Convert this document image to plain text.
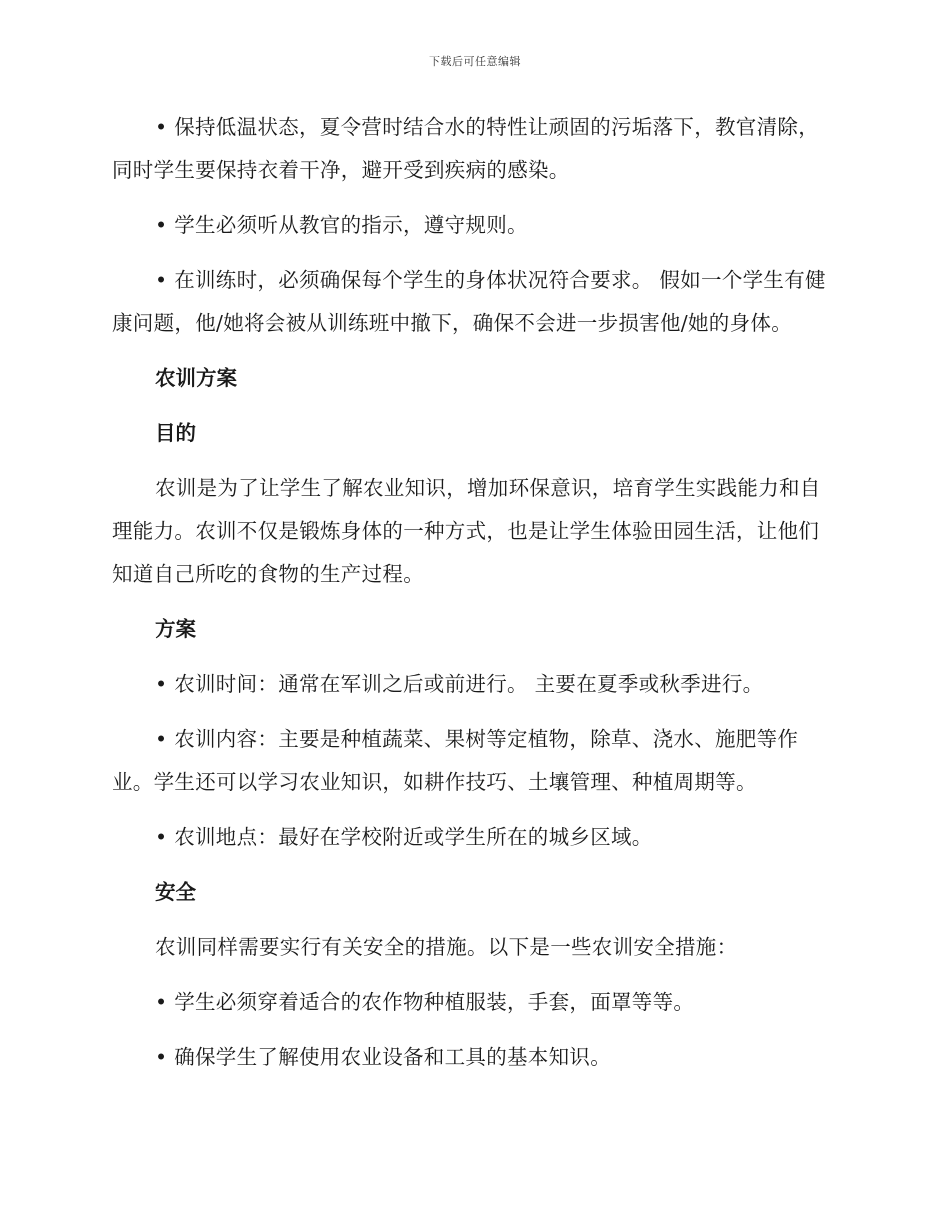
下载后可任意编辑

• 保持低温状态，夏令营时结合水的特性让顽固的污垢落下，教官清除，同时学生要保持衣着干净，避开受到疾病的感染。

• 学生必须听从教官的指示，遵守规则。

• 在训练时，必须确保每个学生的身体状况符合要求。 假如一个学生有健康问题，他/她将会被从训练班中撤下，确保不会进一步损害他/她的身体。

农训方案

目的

农训是为了让学生了解农业知识，增加环保意识，培育学生实践能力和自理能力。农训不仅是锻炼身体的一种方式，也是让学生体验田园生活，让他们知道自己所吃的食物的生产过程。

方案

• 农训时间：通常在军训之后或前进行。 主要在夏季或秋季进行。

• 农训内容：主要是种植蔬菜、果树等定植物，除草、浇水、施肥等作业。学生还可以学习农业知识，如耕作技巧、土壤管理、种植周期等。

• 农训地点：最好在学校附近或学生所在的城乡区域。

安全

农训同样需要实行有关安全的措施。以下是一些农训安全措施：

• 学生必须穿着适合的农作物种植服装，手套，面罩等等。

• 确保学生了解使用农业设备和工具的基本知识。
